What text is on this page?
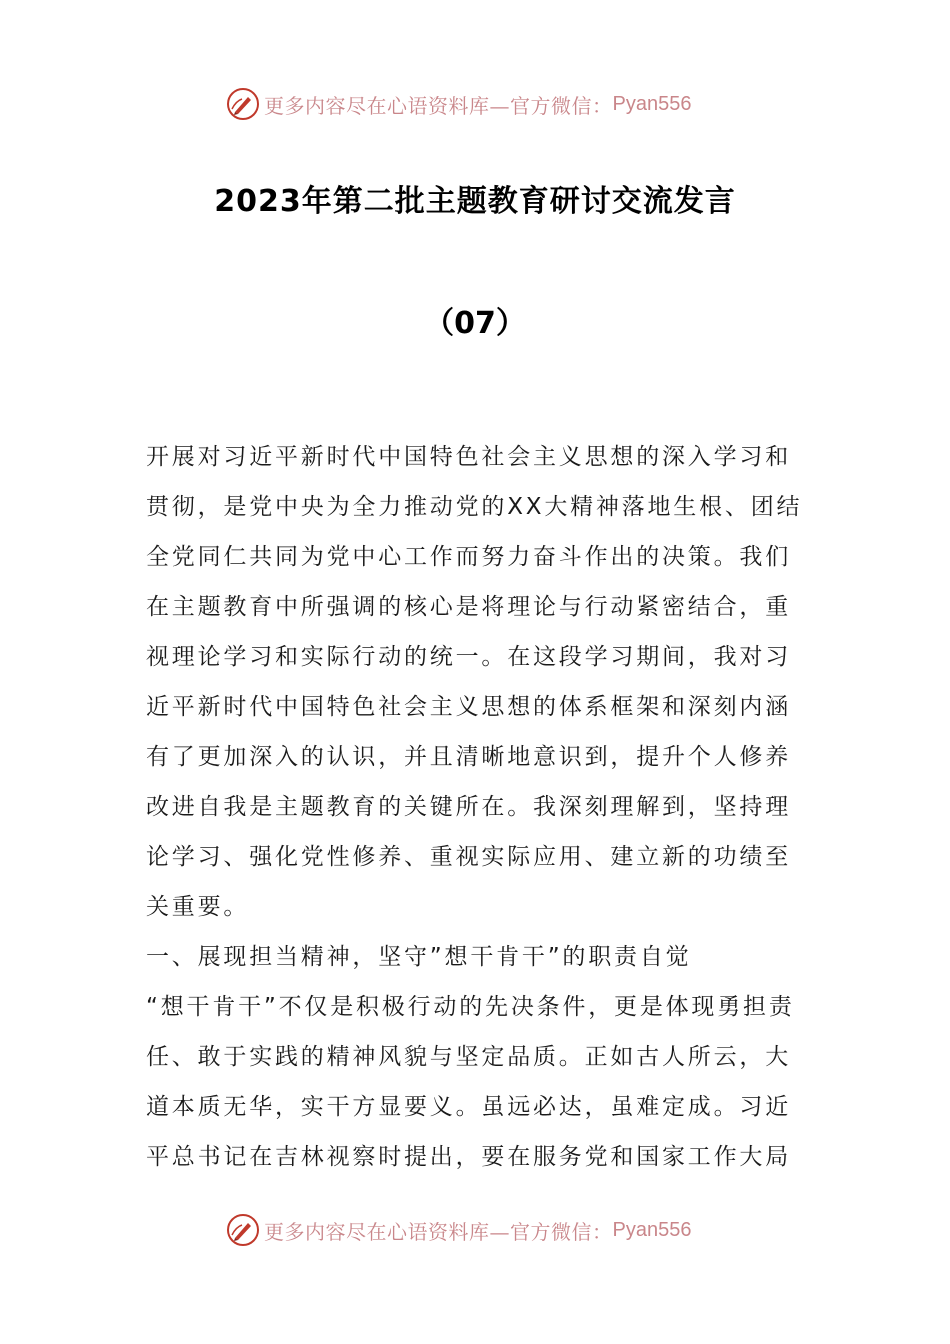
更多内容尽在心语资料库—官方微信： Pyan556
2023年第二批主题教育研讨交流发言
（07）
开展对习近平新时代中国特色社会主义思想的深入学习和
贯彻，是党中央为全力推动党的XX大精神落地生根、团结
全党同仁共同为党中心工作而努力奋斗作出的决策。我们
在主题教育中所强调的核心是将理论与行动紧密结合，重
视理论学习和实际行动的统一。在这段学习期间，我对习
近平新时代中国特色社会主义思想的体系框架和深刻内涵
有了更加深入的认识，并且清晰地意识到，提升个人修养
改进自我是主题教育的关键所在。我深刻理解到，坚持理
论学习、强化党性修养、重视实际应用、建立新的功绩至
关重要。
一、展现担当精神，坚守”想干肯干”的职责自觉
“想干肯干”不仅是积极行动的先决条件，更是体现勇担责
任、敢于实践的精神风貌与坚定品质。正如古人所云，大
道本质无华，实干方显要义。虽远必达，虽难定成。习近
平总书记在吉林视察时提出，要在服务党和国家工作大局
更多内容尽在心语资料库—官方微信： Pyan556
